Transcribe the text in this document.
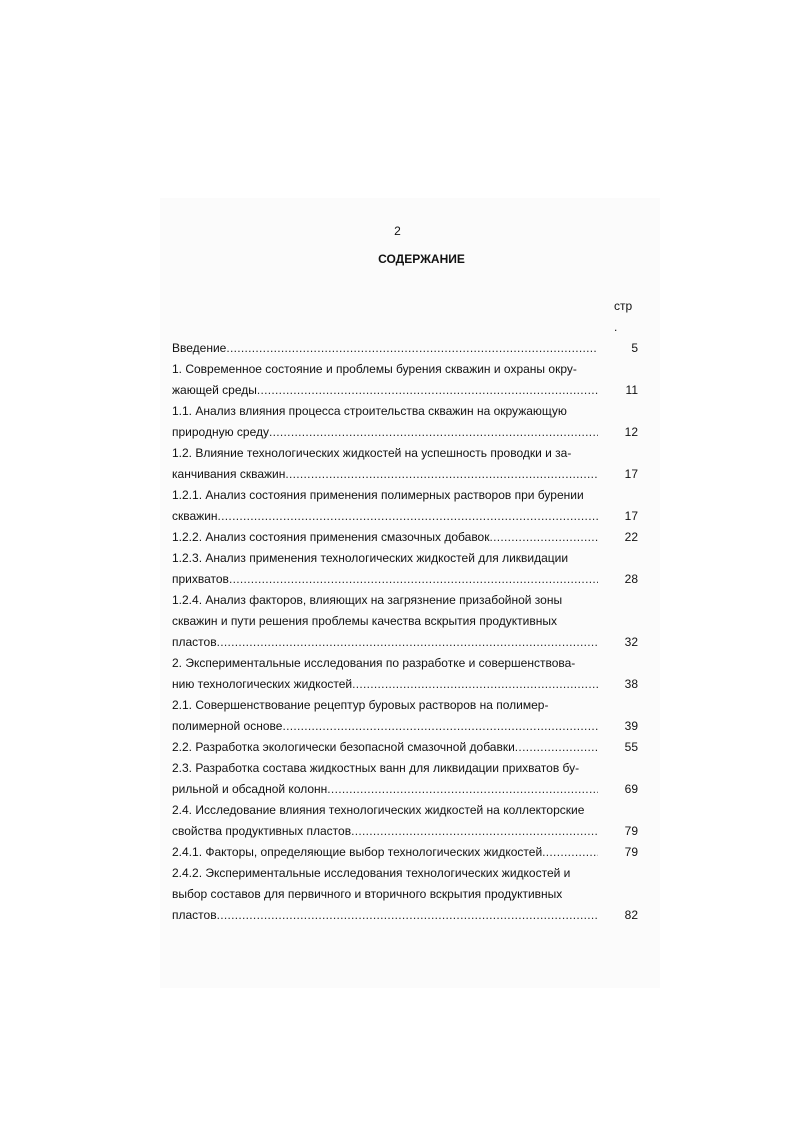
2
СОДЕРЖАНИЕ
стр
.
Введение .....	5
1. Современное состояние и проблемы бурения скважин и охраны окру-
жающей среды .....	11
1.1. Анализ влияния процесса строительства скважин на окружающую
природную среду .....	12
1.2. Влияние технологических жидкостей на успешность проводки и за-
канчивания скважин .....	17
1.2.1. Анализ состояния применения полимерных растворов при бурении
скважин .....	17
1.2.2. Анализ состояния применения смазочных добавок .....	22
1.2.3. Анализ применения технологических жидкостей для ликвидации
прихватов .....	28
1.2.4. Анализ факторов, влияющих на загрязнение призабойной зоны
скважин и пути решения проблемы качества вскрытия продуктивных
пластов .....	32
2. Экспериментальные исследования по разработке и совершенствова-
нию технологических жидкостей .....	38
2.1. Совершенствование рецептур буровых растворов на полимер-
полимерной основе .....	39
2.2. Разработка экологически безопасной смазочной добавки .....	55
2.3. Разработка состава жидкостных ванн для ликвидации прихватов бу-
рильной и обсадной колонн .....	69
2.4. Исследование влияния технологических жидкостей на коллекторские
свойства продуктивных пластов .....	79
2.4.1. Факторы, определяющие выбор технологических жидкостей .....	79
2.4.2. Экспериментальные исследования технологических жидкостей и
выбор составов для первичного и вторичного вскрытия продуктивных
пластов .....	82
